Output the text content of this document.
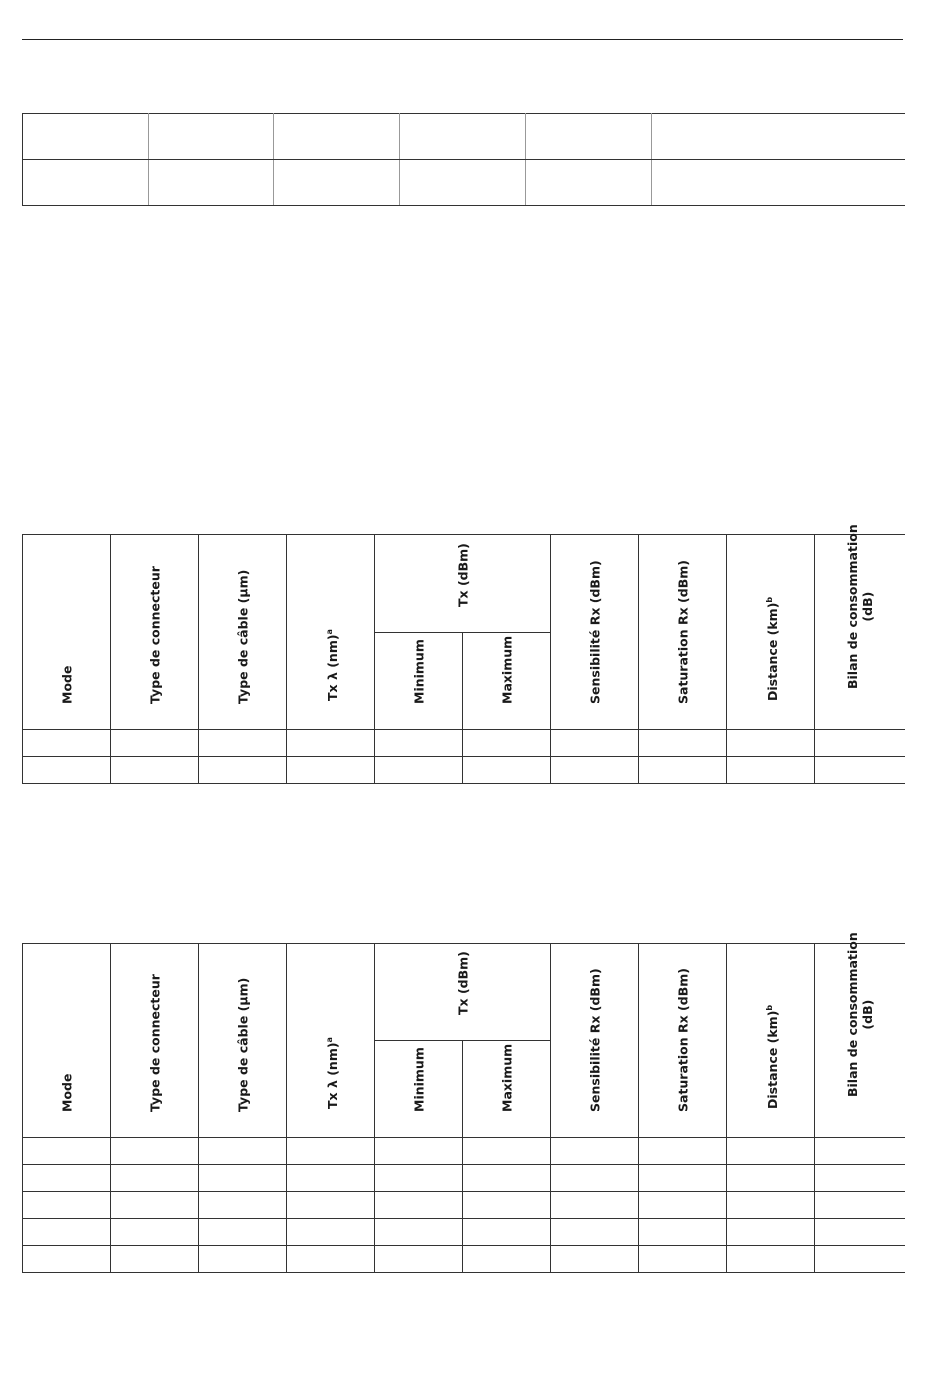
Mode	Type de connecteur	Type de câble (µm)	Tx λ (nm)$^a$	Tx (dBm)		Sensibilité Rx (dBm)	Saturation Rx (dBm)	Distance (km)$^b$	Bilan de consommation
(dB)

				Minimum	Maximum				

Mode	Type de connecteur	Type de câble (µm)	Tx λ (nm)$^a$	Tx (dBm)		Sensibilité Rx (dBm)	Saturation Rx (dBm)	Distance (km)$^b$	Bilan de consommation
(dB)

				Minimum	Maximum				
